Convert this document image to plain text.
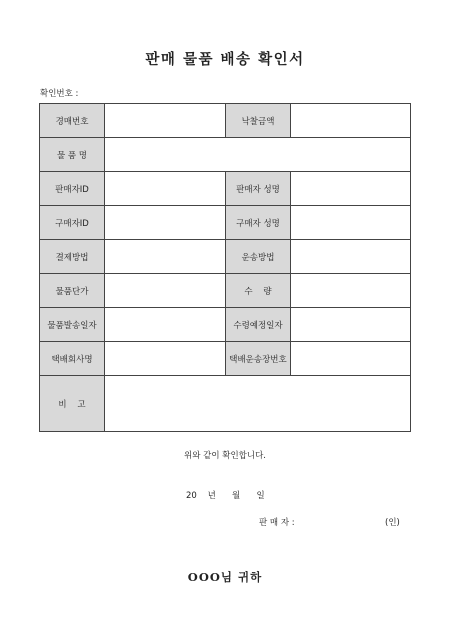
판매 물품 배송 확인서
확인번호 :
경매번호		낙찰금액	
물 품 명			
판매자ID		판매자 성명	
구매자ID		구매자 성명	
결제방법		운송방법	
물품단가		수    량	
물품발송일자		수령예정일자	
택배회사명		택배운송장번호	
비    고			
위와 같이 확인합니다.
20    년      월      일
판 매 자 :	(인)
OOO님 귀하
